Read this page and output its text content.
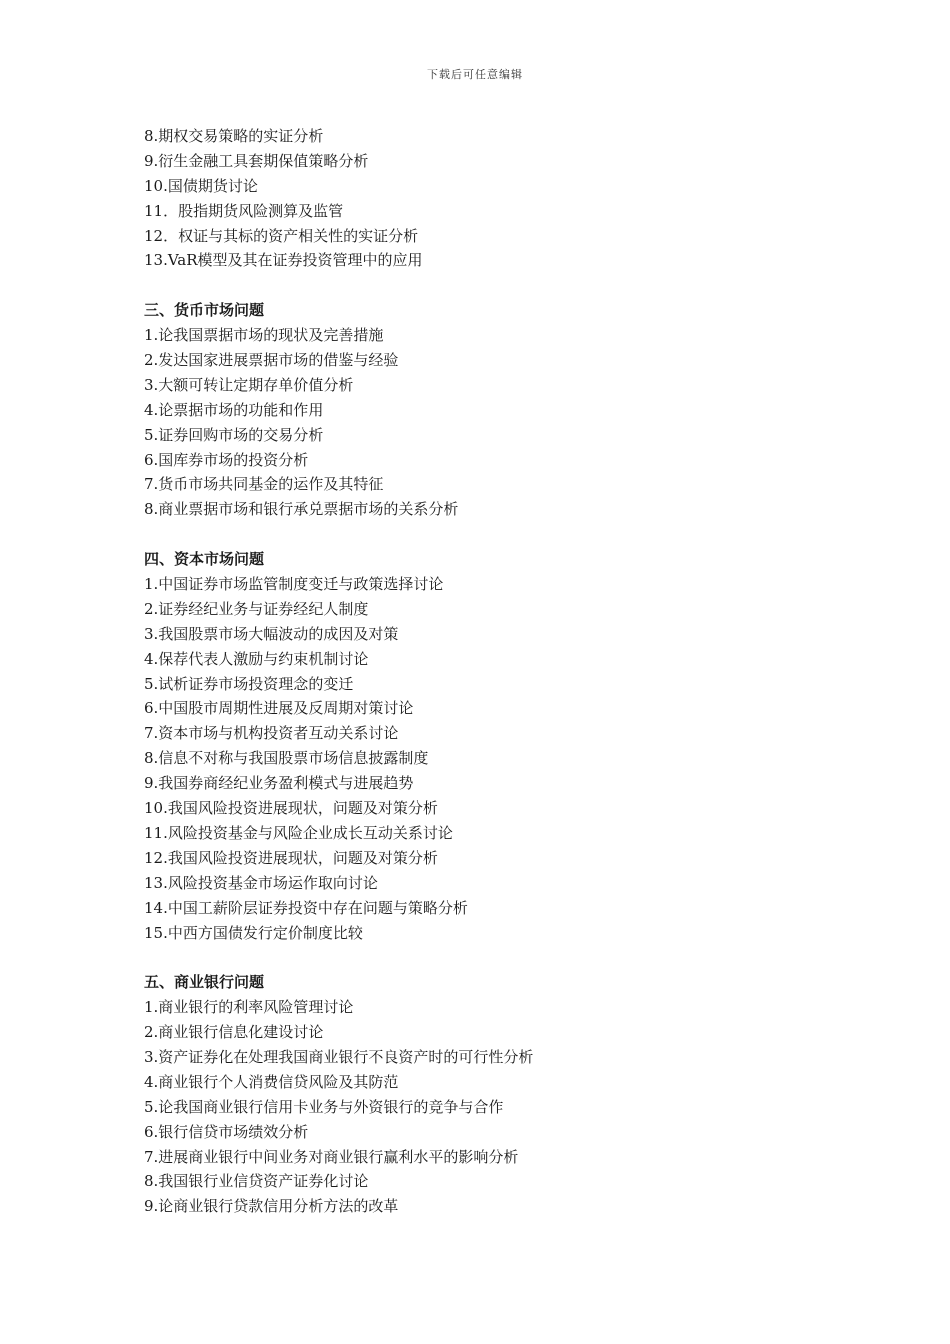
下载后可任意编辑
8.期权交易策略的实证分析
9.衍生金融工具套期保值策略分析
10.国债期货讨论
11．股指期货风险测算及监管
12．权证与其标的资产相关性的实证分析
13.VaR模型及其在证券投资管理中的应用
三、货币市场问题
1.论我国票据市场的现状及完善措施
2.发达国家进展票据市场的借鉴与经验
3.大额可转让定期存单价值分析
4.论票据市场的功能和作用
5.证券回购市场的交易分析
6.国库券市场的投资分析
7.货币市场共同基金的运作及其特征
8.商业票据市场和银行承兑票据市场的关系分析
四、资本市场问题
1.中国证券市场监管制度变迁与政策选择讨论
2.证券经纪业务与证券经纪人制度
3.我国股票市场大幅波动的成因及对策
4.保荐代表人激励与约束机制讨论
5.试析证券市场投资理念的变迁
6.中国股市周期性进展及反周期对策讨论
7.资本市场与机构投资者互动关系讨论
8.信息不对称与我国股票市场信息披露制度
9.我国券商经纪业务盈利模式与进展趋势
10.我国风险投资进展现状，问题及对策分析
11.风险投资基金与风险企业成长互动关系讨论
12.我国风险投资进展现状，问题及对策分析
13.风险投资基金市场运作取向讨论
14.中国工薪阶层证券投资中存在问题与策略分析
15.中西方国债发行定价制度比较
五、商业银行问题
1.商业银行的利率风险管理讨论
2.商业银行信息化建设讨论
3.资产证券化在处理我国商业银行不良资产时的可行性分析
4.商业银行个人消费信贷风险及其防范
5.论我国商业银行信用卡业务与外资银行的竞争与合作
6.银行信贷市场绩效分析
7.进展商业银行中间业务对商业银行赢利水平的影响分析
8.我国银行业信贷资产证券化讨论
9.论商业银行贷款信用分析方法的改革
